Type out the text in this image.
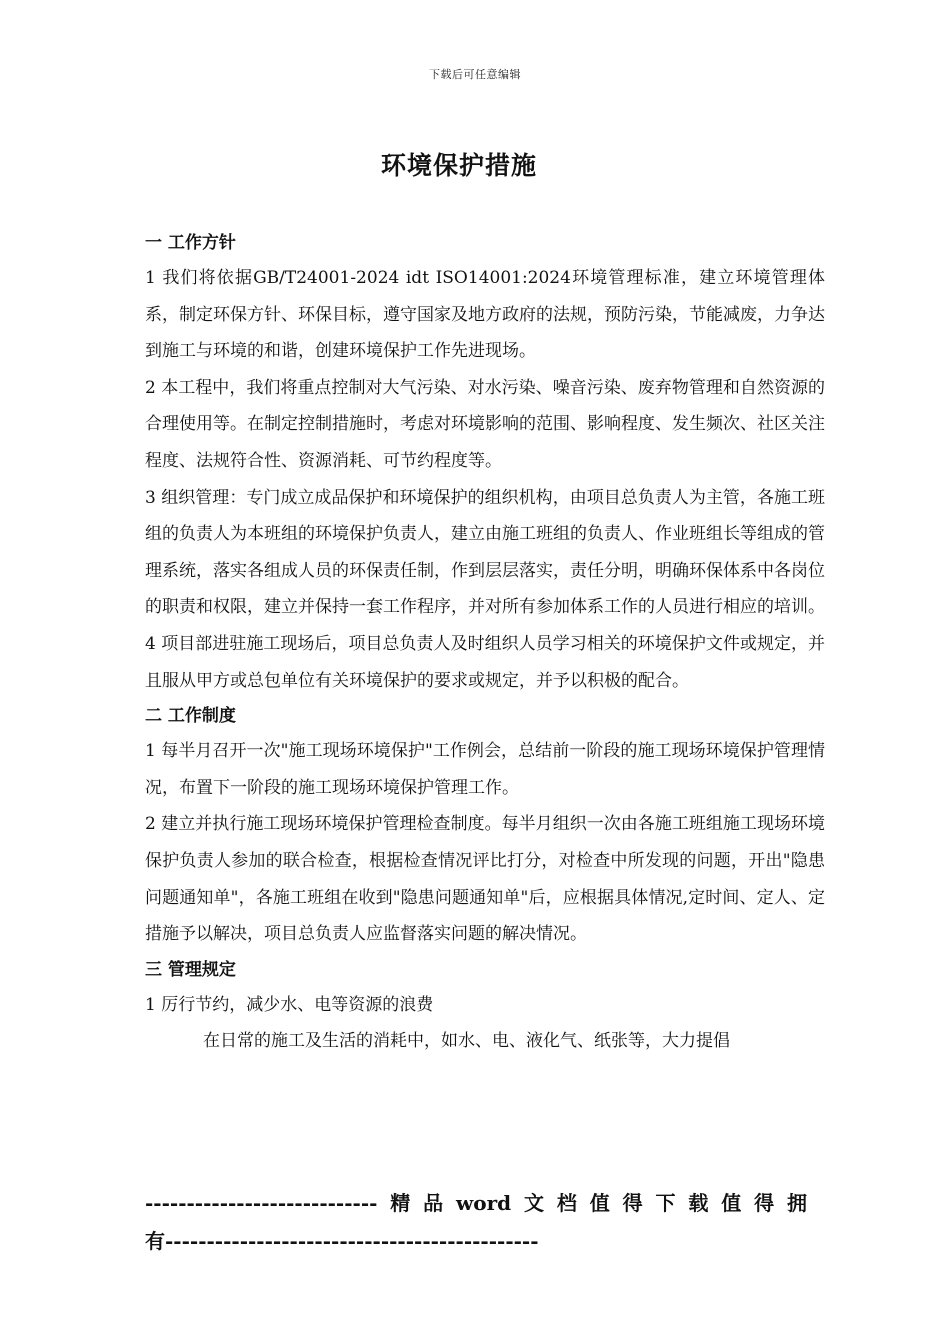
下载后可任意编辑
环境保护措施
一 工作方针
1 我们将依据GB/T24001-2024 idt ISO14001:2024环境管理标准，建立环境管理体系，制定环保方针、环保目标，遵守国家及地方政府的法规，预防污染，节能减废，力争达到施工与环境的和谐，创建环境保护工作先进现场。
2 本工程中，我们将重点控制对大气污染、对水污染、噪音污染、废弃物管理和自然资源的合理使用等。在制定控制措施时，考虑对环境影响的范围、影响程度、发生频次、社区关注程度、法规符合性、资源消耗、可节约程度等。
3 组织管理：专门成立成品保护和环境保护的组织机构，由项目总负责人为主管，各施工班组的负责人为本班组的环境保护负责人，建立由施工班组的负责人、作业班组长等组成的管理系统，落实各组成人员的环保责任制，作到层层落实，责任分明，明确环保体系中各岗位的职责和权限，建立并保持一套工作程序，并对所有参加体系工作的人员进行相应的培训。
4 项目部进驻施工现场后，项目总负责人及时组织人员学习相关的环境保护文件或规定，并且服从甲方或总包单位有关环境保护的要求或规定，并予以积极的配合。
二 工作制度
1 每半月召开一次"施工现场环境保护"工作例会，总结前一阶段的施工现场环境保护管理情况，布置下一阶段的施工现场环境保护管理工作。
2 建立并执行施工现场环境保护管理检查制度。每半月组织一次由各施工班组施工现场环境保护负责人参加的联合检查，根据检查情况评比打分，对检查中所发现的问题，开出"隐患问题通知单"，各施工班组在收到"隐患问题通知单"后，应根据具体情况,定时间、定人、定措施予以解决，项目总负责人应监督落实问题的解决情况。
三 管理规定
1 厉行节约，减少水、电等资源的浪费
在日常的施工及生活的消耗中，如水、电、液化气、纸张等，大力提倡
---------------------------- 精 品 word 文 档 值 得 下 载 值 得 拥
有---------------------------------------------
